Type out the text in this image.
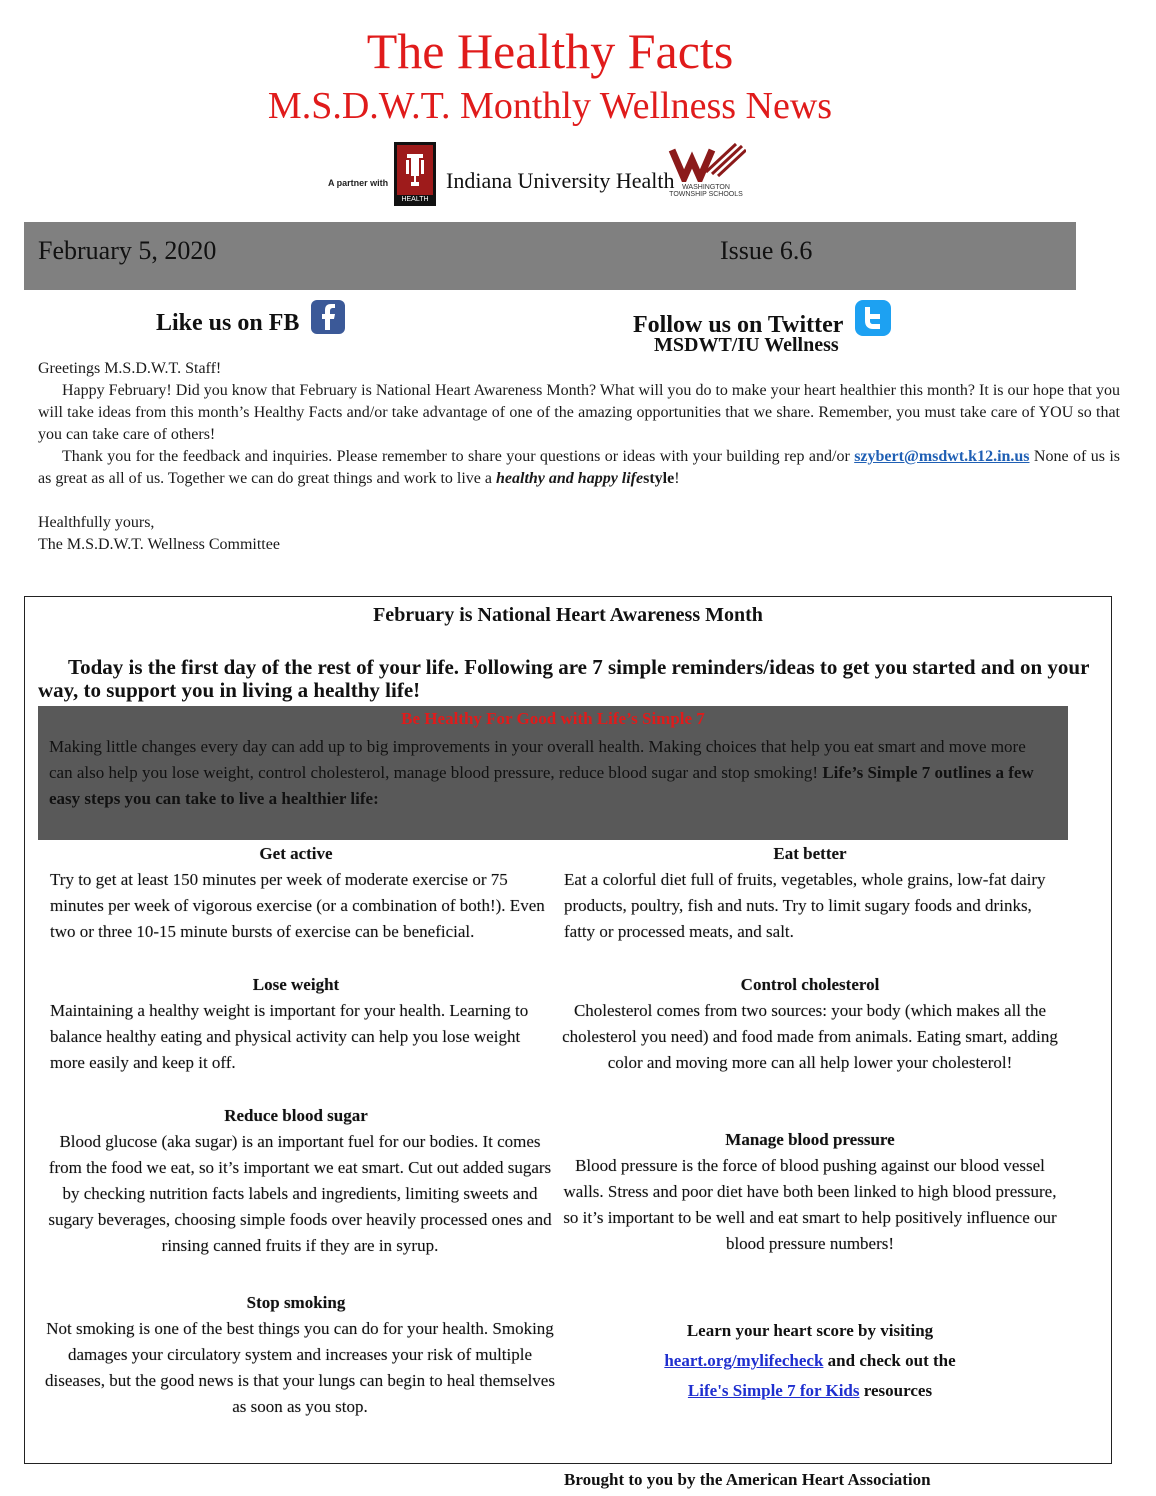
The Healthy Facts
M.S.D.W.T. Monthly Wellness News
A partner with
HEALTH
Indiana University Health	WASHINGTON
TOWNSHIP SCHOOLS
February 5, 2020	Issue 6.6
Like us on FB	Follow us on Twitter
MSDWT/IU Wellness

Greetings M.S.D.W.T. Staff!

Happy February! Did you know that February is National Heart Awareness Month? What will you do to make your heart healthier this month? It is our hope that you will take ideas from this month’s Healthy Facts and/or take advantage of one of the amazing opportunities that we share. Remember, you must take care of YOU so that you can take care of others!

Thank you for the feedback and inquiries. Please remember to share your questions or ideas with your building rep and/or szybert@msdwt.k12.in.us None of us is as great as all of us. Together we can do great things and work to live a healthy and happy lifestyle!

Healthfully yours,

The M.S.D.W.T. Wellness Committee

February is National Heart Awareness Month
Today is the first day of the rest of your life. Following are 7 simple reminders/ideas to get you started and on your way, to support you in living a healthy life!
Be Healthy For Good with Life’s Simple 7
Making little changes every day can add up to big improvements in your overall health. Making choices that help you eat smart and move more can also help you lose weight, control cholesterol, manage blood pressure, reduce blood sugar and stop smoking! Life’s Simple 7 outlines a few easy steps you can take to live a healthier life:
Get active
Try to get at least 150 minutes per week of moderate exercise or 75 minutes per week of vigorous exercise (or a combination of both!). Even two or three 10-15 minute bursts of exercise can be beneficial.
Lose weight
Maintaining a healthy weight is important for your health. Learning to balance healthy eating and physical activity can help you lose weight more easily and keep it off.
Reduce blood sugar
Blood glucose (aka sugar) is an important fuel for our bodies. It comes from the food we eat, so it’s important we eat smart. Cut out added sugars by checking nutrition facts labels and ingredients, limiting sweets and sugary beverages, choosing simple foods over heavily processed ones and rinsing canned fruits if they are in syrup.
Stop smoking
Not smoking is one of the best things you can do for your health. Smoking damages your circulatory system and increases your risk of multiple diseases, but the good news is that your lungs can begin to heal themselves as soon as you stop.
Eat better
Eat a colorful diet full of fruits, vegetables, whole grains, low-fat dairy products, poultry, fish and nuts. Try to limit sugary foods and drinks, fatty or processed meats, and salt.
Control cholesterol
Cholesterol comes from two sources: your body (which makes all the cholesterol you need) and food made from animals. Eating smart, adding color and moving more can all help lower your cholesterol!
Manage blood pressure
Blood pressure is the force of blood pushing against our blood vessel walls. Stress and poor diet have both been linked to high blood pressure, so it’s important to be well and eat smart to help positively influence our blood pressure numbers!
Learn your heart score by visiting
heart.org/mylifecheck and check out the
Life's Simple 7 for Kids resources
Brought to you by the American Heart Association
